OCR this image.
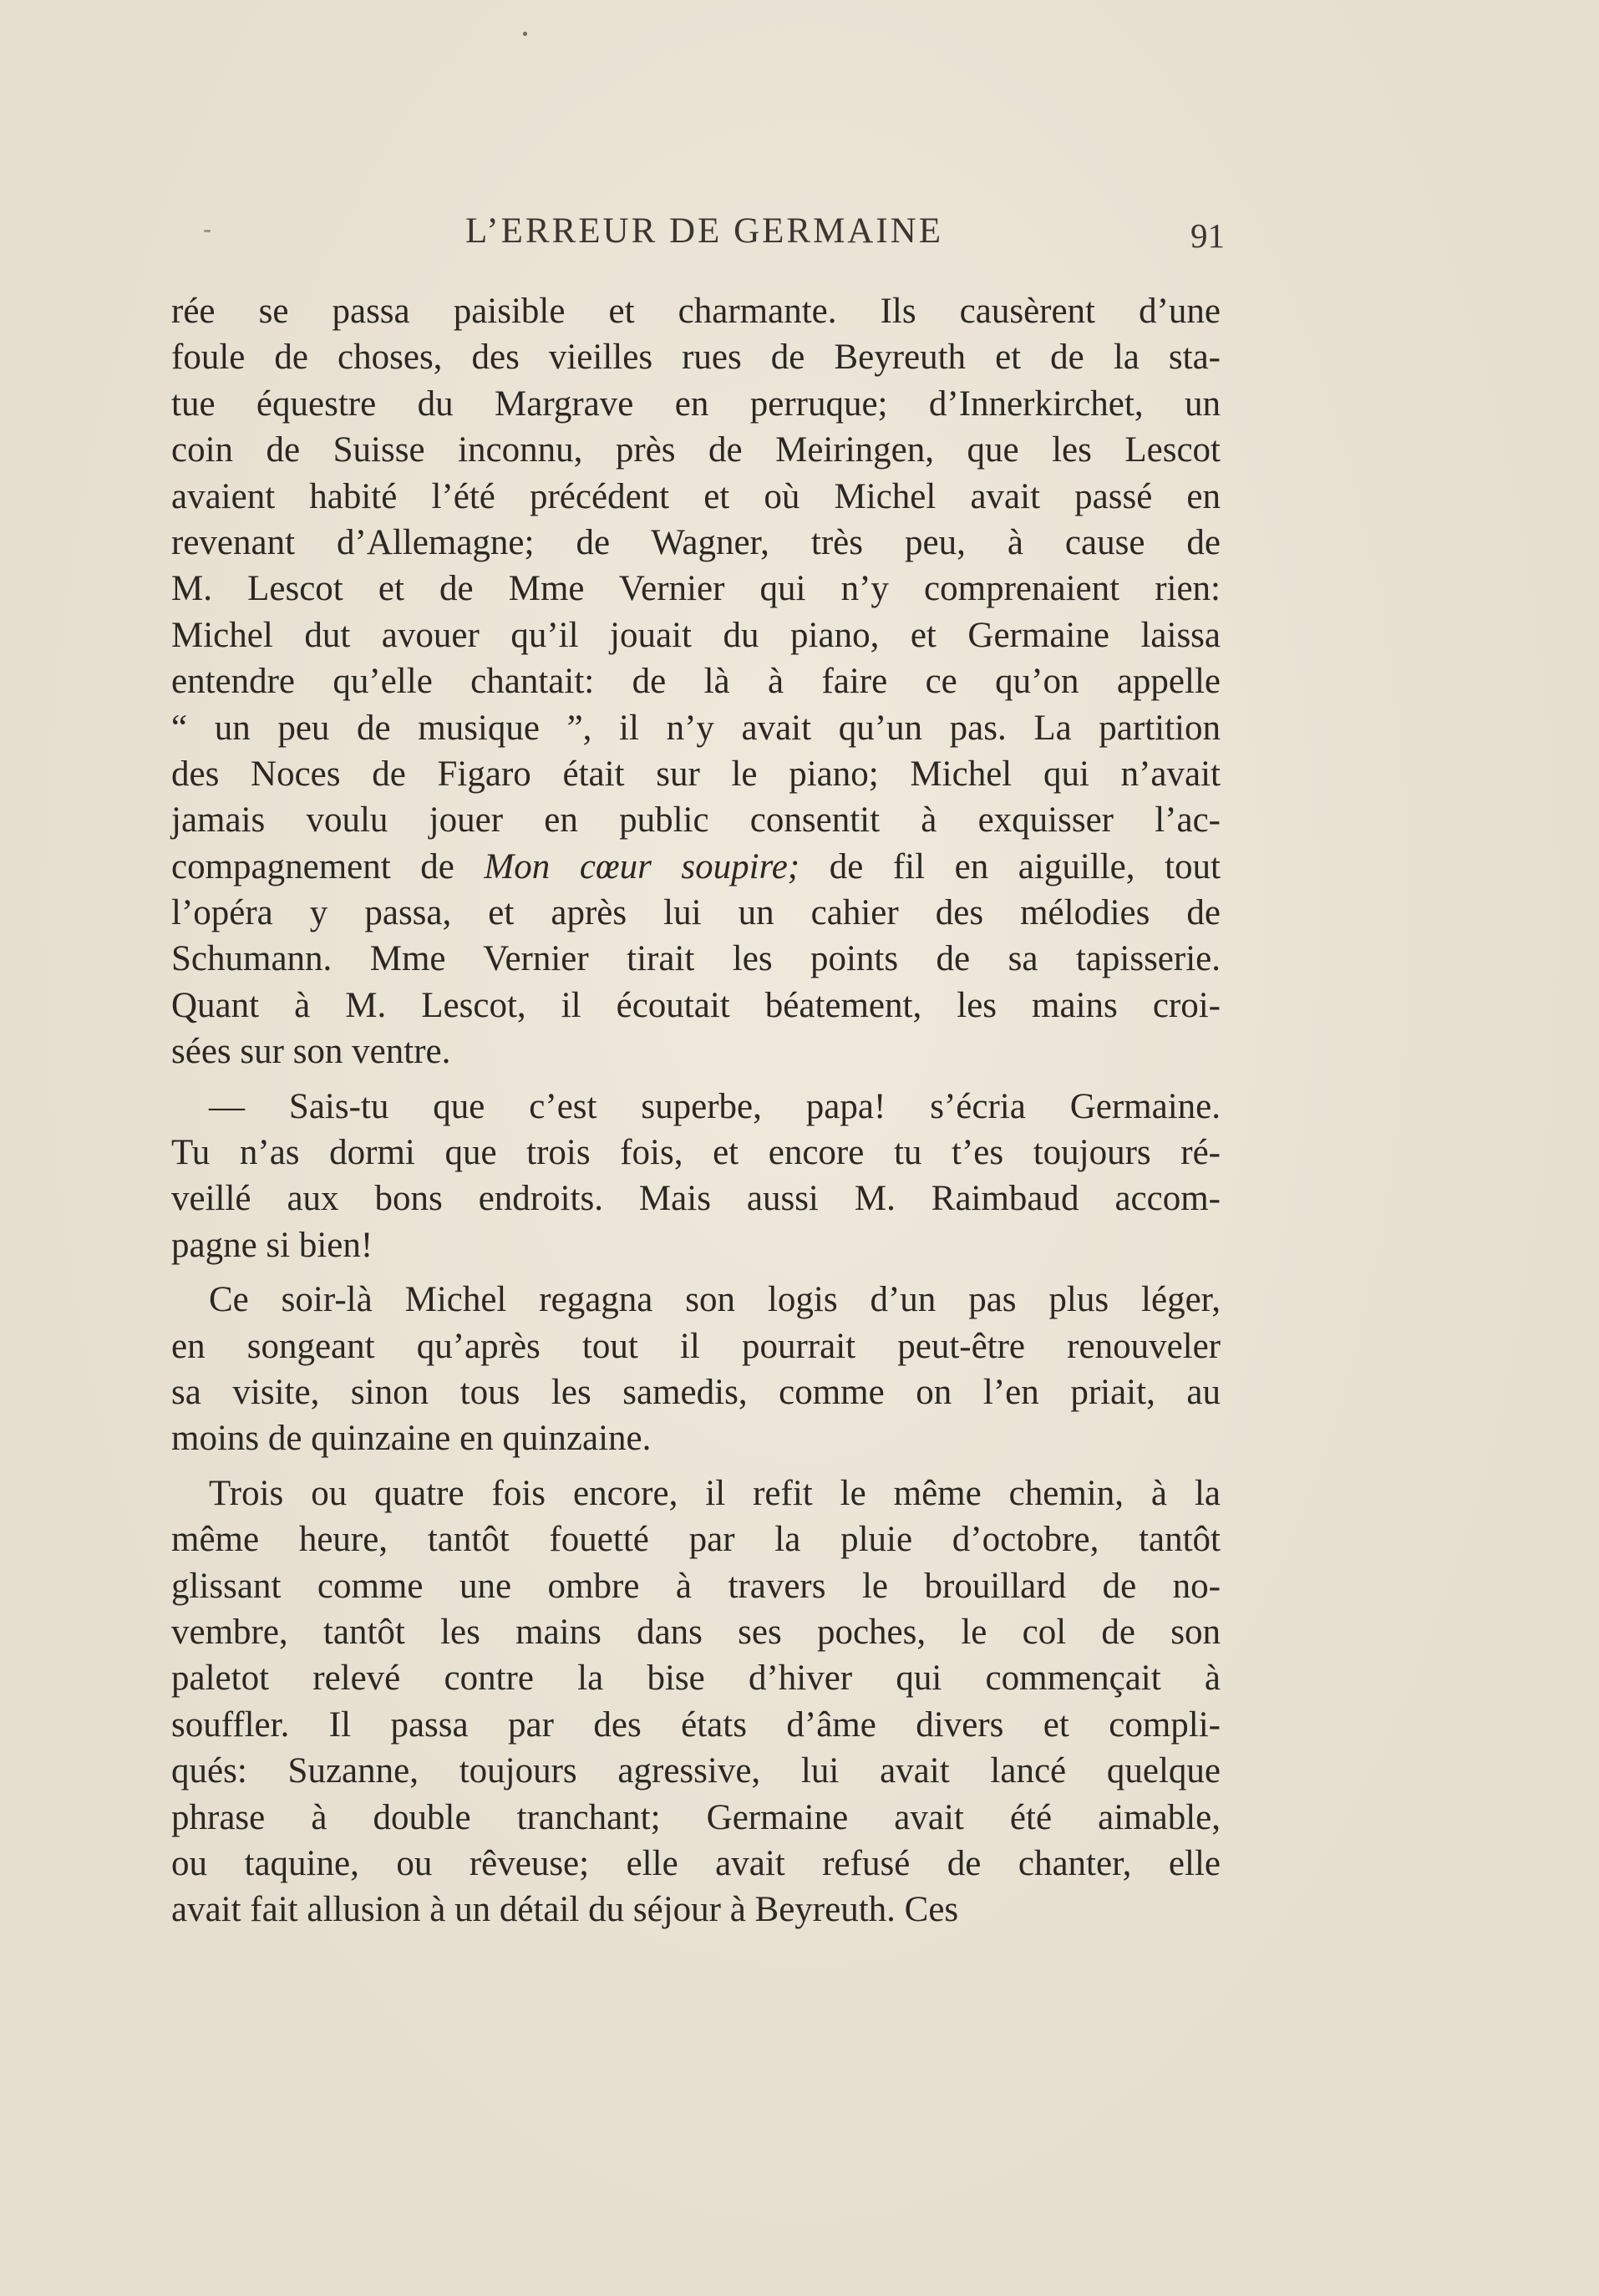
L’ERREUR DE GERMAINE	91

rée se passa paisible et charmante. Ils causèrent d’une
foule de choses, des vieilles rues de Beyreuth et de la sta-
tue équestre du Margrave en perruque; d’Innerkirchet, un
coin de Suisse inconnu, près de Meiringen, que les Lescot
avaient habité l’été précédent et où Michel avait passé en
revenant d’Allemagne; de Wagner, très peu, à cause de
M. Lescot et de Mme Vernier qui n’y comprenaient rien:
Michel dut avouer qu’il jouait du piano, et Germaine laissa
entendre qu’elle chantait: de là à faire ce qu’on appelle
“ un peu de musique ”, il n’y avait qu’un pas. La partition
des Noces de Figaro était sur le piano; Michel qui n’avait
jamais voulu jouer en public consentit à exquisser l’ac-
compagnement de Mon cœur soupire; de fil en aiguille, tout
l’opéra y passa, et après lui un cahier des mélodies de
Schumann. Mme Vernier tirait les points de sa tapisserie.
Quant à M. Lescot, il écoutait béatement, les mains croi-
sées sur son ventre.

— Sais-tu que c’est superbe, papa! s’écria Germaine.
Tu n’as dormi que trois fois, et encore tu t’es toujours ré-
veillé aux bons endroits. Mais aussi M. Raimbaud accom-
pagne si bien!

Ce soir-là Michel regagna son logis d’un pas plus léger,
en songeant qu’après tout il pourrait peut-être renouveler
sa visite, sinon tous les samedis, comme on l’en priait, au
moins de quinzaine en quinzaine.

Trois ou quatre fois encore, il refit le même chemin, à la
même heure, tantôt fouetté par la pluie d’octobre, tantôt
glissant comme une ombre à travers le brouillard de no-
vembre, tantôt les mains dans ses poches, le col de son
paletot relevé contre la bise d’hiver qui commençait à
souffler. Il passa par des états d’âme divers et compli-
qués: Suzanne, toujours agressive, lui avait lancé quelque
phrase à double tranchant; Germaine avait été aimable,
ou taquine, ou rêveuse; elle avait refusé de chanter, elle
avait fait allusion à un détail du séjour à Beyreuth. Ces
